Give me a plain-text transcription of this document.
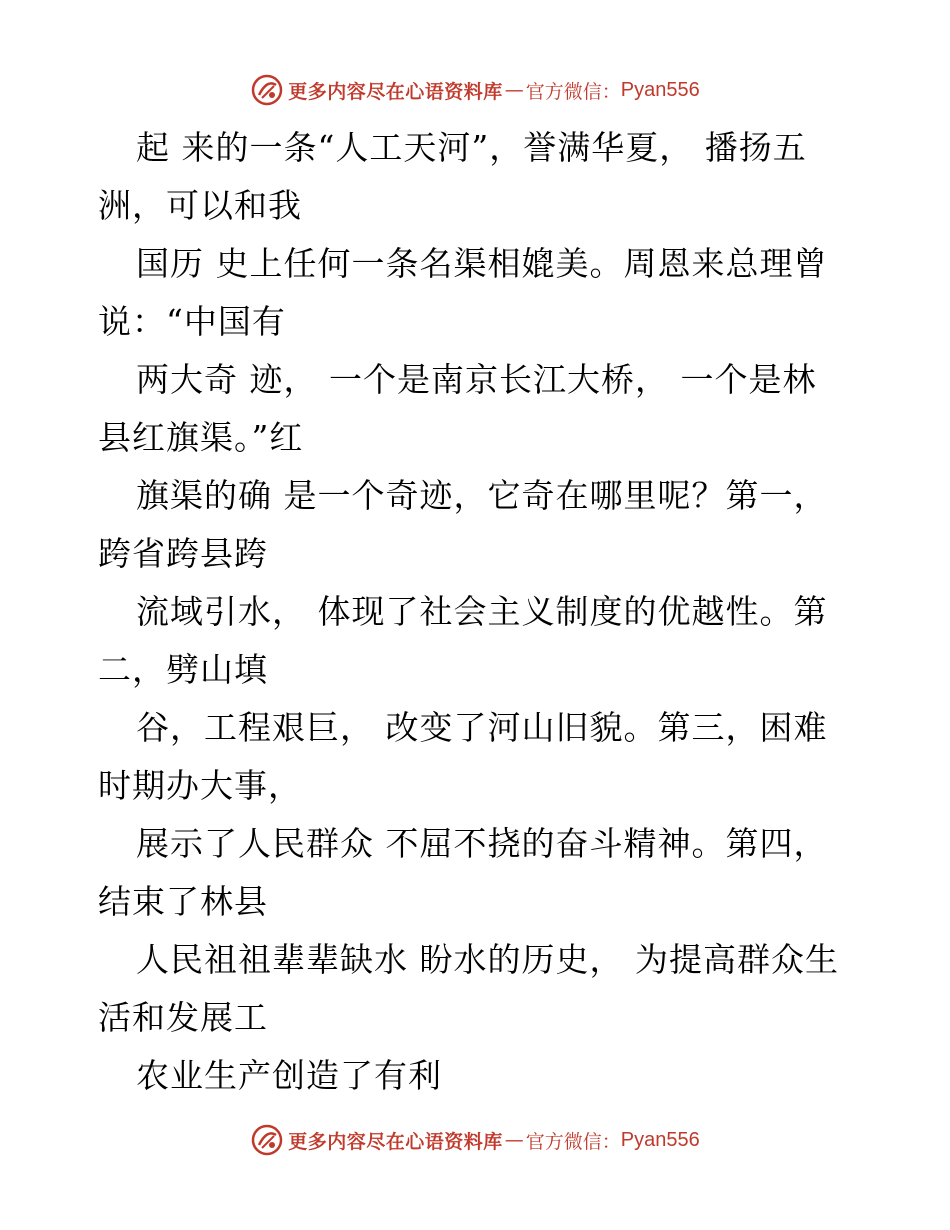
更多内容尽在心语资料库 — 官方微信： Pyan556
起 来的一条“人工天河”，誉满华夏， 播扬五
洲，可以和我
国历 史上任何一条名渠相媲美。周恩来总理曾
说：“中国有
两大奇 迹， 一个是南京长江大桥， 一个是林
县红旗渠。”红
旗渠的确 是一个奇迹，它奇在哪里呢？第一，
跨省跨县跨
流域引水， 体现了社会主义制度的优越性。第
二，劈山填
谷，工程艰巨， 改变了河山旧貌。第三，困难
时期办大事，
展示了人民群众 不屈不挠的奋斗精神。第四，
结束了林县
人民祖祖辈辈缺水 盼水的历史， 为提高群众生
活和发展工
农业生产创造了有利
更多内容尽在心语资料库 — 官方微信： Pyan556
